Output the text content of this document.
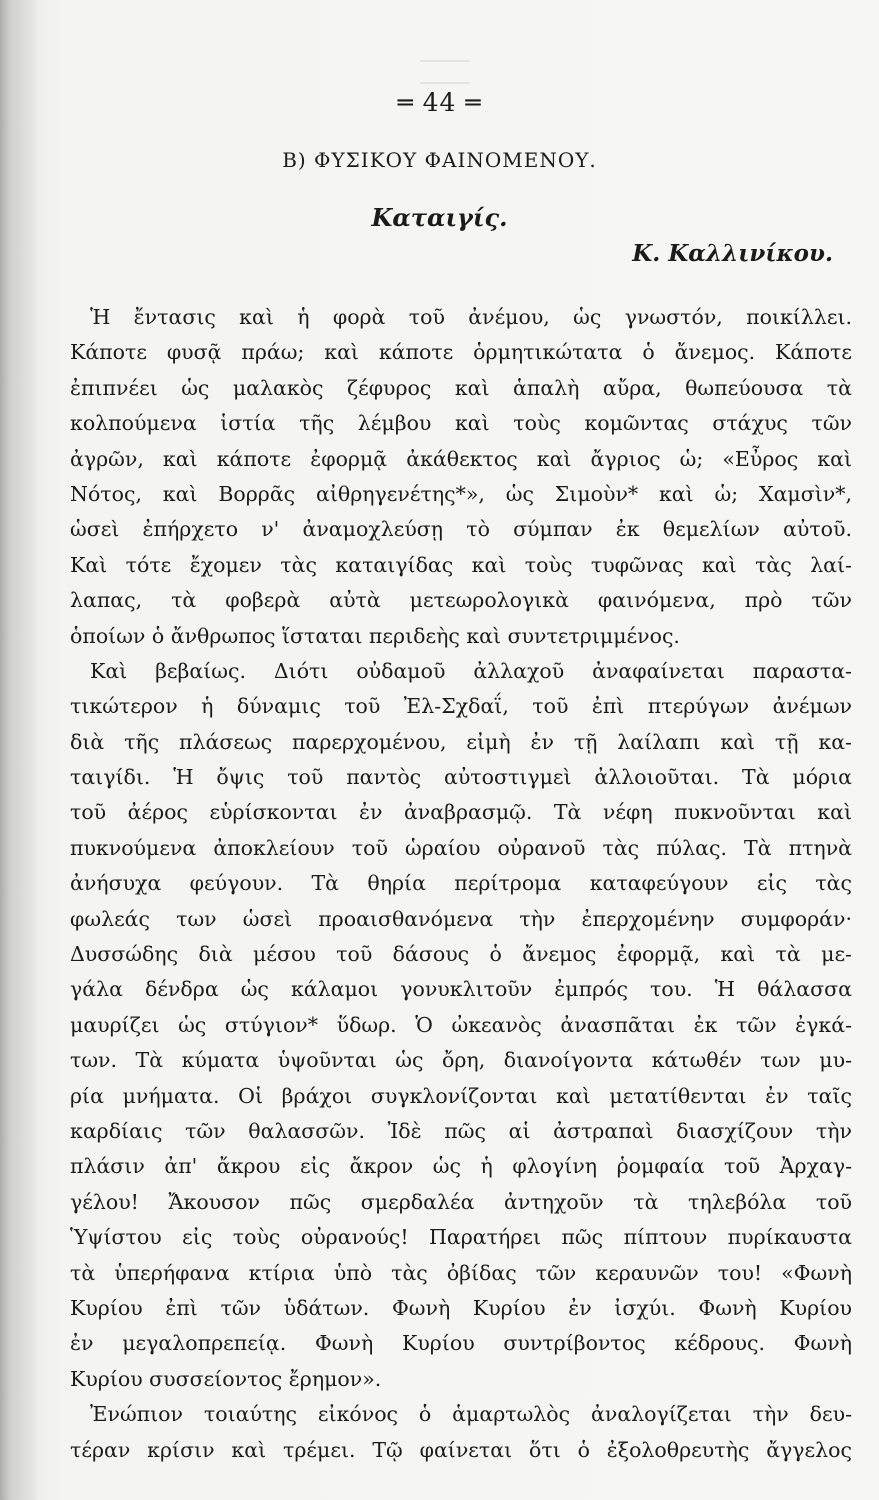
═ 44 ═
Β) ΦΥΣΙΚΟΥ ΦΑΙΝΟΜΕΝΟΥ.
Καταιγίς.
Κ. Καλλινίκου.
Ἡ ἔντασις καὶ ἡ φορὰ τοῦ ἀνέμου, ὡς γνωστόν, ποικίλλει.
Κάποτε φυσᾷ πράω; καὶ κάποτε ὁρμητικώτατα ὁ ἄνεμος. Κάποτε
ἐπιπνέει ὡς μαλακὸς ζέφυρος καὶ ἁπαλὴ αὔρα, θωπεύουσα τὰ
κολπούμενα ἱστία τῆς λέμβου καὶ τοὺς κομῶντας στάχυς τῶν
ἀγρῶν, καὶ κάποτε ἐφορμᾷ ἀκάθεκτος καὶ ἄγριος ὡ; «Εὖρος καὶ
Νότος, καὶ Βορρᾶς αἰθρηγενέτης*», ὡς Σιμοὺν* καὶ ὡ; Χαμσὶν*,
ὡσεὶ ἐπήρχετο ν' ἀναμοχλεύσῃ τὸ σύμπαν ἐκ θεμελίων αὐτοῦ.
Καὶ τότε ἔχομεν τὰς καταιγίδας καὶ τοὺς τυφῶνας καὶ τὰς λαί-
λαπας, τὰ φοβερὰ αὐτὰ μετεωρολογικὰ φαινόμενα, πρὸ τῶν
ὁποίων ὁ ἄνθρωπος ἵσταται περιδεὴς καὶ συντετριμμένος.
Καὶ βεβαίως. Διότι οὐδαμοῦ ἀλλαχοῦ ἀναφαίνεται παραστα-
τικώτερον ἡ δύναμις τοῦ Ἐλ-Σχδαΐ, τοῦ ἐπὶ πτερύγων ἀνέμων
διὰ τῆς πλάσεως παρερχομένου, εἰμὴ ἐν τῇ λαίλαπι καὶ τῇ κα-
ταιγίδι. Ἡ ὄψις τοῦ παντὸς αὐτοστιγμεὶ ἀλλοιοῦται. Τὰ μόρια
τοῦ ἀέρος εὑρίσκονται ἐν ἀναβρασμῷ. Τὰ νέφη πυκνοῦνται καὶ
πυκνούμενα ἀποκλείουν τοῦ ὡραίου οὐρανοῦ τὰς πύλας. Τὰ πτηνὰ
ἀνήσυχα φεύγουν. Τὰ θηρία περίτρομα καταφεύγουν εἰς τὰς
φωλεάς των ὡσεὶ προαισθανόμενα τὴν ἐπερχομένην συμφοράν·
Δυσσώδης διὰ μέσου τοῦ δάσους ὁ ἄνεμος ἐφορμᾷ, καὶ τὰ με-
γάλα δένδρα ὡς κάλαμοι γονυκλιτοῦν ἐμπρός του. Ἡ θάλασσα
μαυρίζει ὡς στύγιον* ὕδωρ. Ὁ ὠκεανὸς ἀνασπᾶται ἐκ τῶν ἐγκά-
των. Τὰ κύματα ὑψοῦνται ὡς ὄρη, διανοίγοντα κάτωθέν των μυ-
ρία μνήματα. Οἱ βράχοι συγκλονίζονται καὶ μετατίθενται ἐν ταῖς
καρδίαις τῶν θαλασσῶν. Ἰδὲ πῶς αἱ ἀστραπαὶ διασχίζουν τὴν
πλάσιν ἀπ' ἄκρου εἰς ἄκρον ὡς ἡ φλογίνη ῥομφαία τοῦ Ἀρχαγ-
γέλου! Ἄκουσον πῶς σμερδαλέα ἀντηχοῦν τὰ τηλεβόλα τοῦ
Ὑψίστου εἰς τοὺς οὐρανούς! Παρατήρει πῶς πίπτουν πυρίκαυστα
τὰ ὑπερήφανα κτίρια ὑπὸ τὰς ὀβίδας τῶν κεραυνῶν του! «Φωνὴ
Κυρίου ἐπὶ τῶν ὑδάτων. Φωνὴ Κυρίου ἐν ἰσχύι. Φωνὴ Κυρίου
ἐν μεγαλοπρεπείᾳ. Φωνὴ Κυρίου συντρίβοντος κέδρους. Φωνὴ
Κυρίου συσσείοντος ἔρημον».
Ἐνώπιον τοιαύτης εἰκόνος ὁ ἁμαρτωλὸς ἀναλογίζεται τὴν δευ-
τέραν κρίσιν καὶ τρέμει. Τῷ φαίνεται ὅτι ὁ ἐξολοθρευτὴς ἄγγελος
